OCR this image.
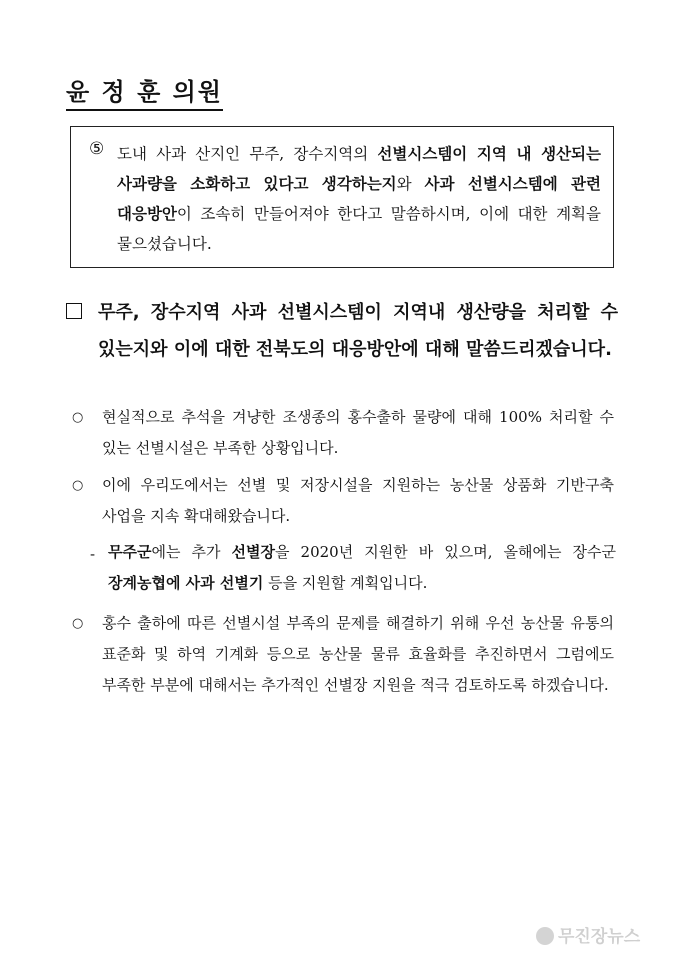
윤 정 훈 의원
⑤ 도내 사과 산지인 무주, 장수지역의 선별시스템이 지역 내 생산되는 사과량을 소화하고 있다고 생각하는지와 사과 선별시스템에 관련 대응방안이 조속히 만들어져야 한다고 말씀하시며, 이에 대한 계획을 물으셨습니다.
무주, 장수지역 사과 선별시스템이 지역내 생산량을 처리할 수 있는지와 이에 대한 전북도의 대응방안에 대해 말씀드리겠습니다.
○ 현실적으로 추석을 겨냥한 조생종의 홍수출하 물량에 대해 100% 처리할 수 있는 선별시설은 부족한 상황입니다.
○ 이에 우리도에서는 선별 및 저장시설을 지원하는 농산물 상품화 기반구축 사업을 지속 확대해왔습니다.
- 무주군에는 추가 선별장을 2020년 지원한 바 있으며, 올해에는 장수군 장계농협에 사과 선별기 등을 지원할 계획입니다.
○ 홍수 출하에 따른 선별시설 부족의 문제를 해결하기 위해 우선 농산물 유통의 표준화 및 하역 기계화 등으로 농산물 물류 효율화를 추진하면서 그럼에도 부족한 부분에 대해서는 추가적인 선별장 지원을 적극 검토하도록 하겠습니다.
무진장뉴스
